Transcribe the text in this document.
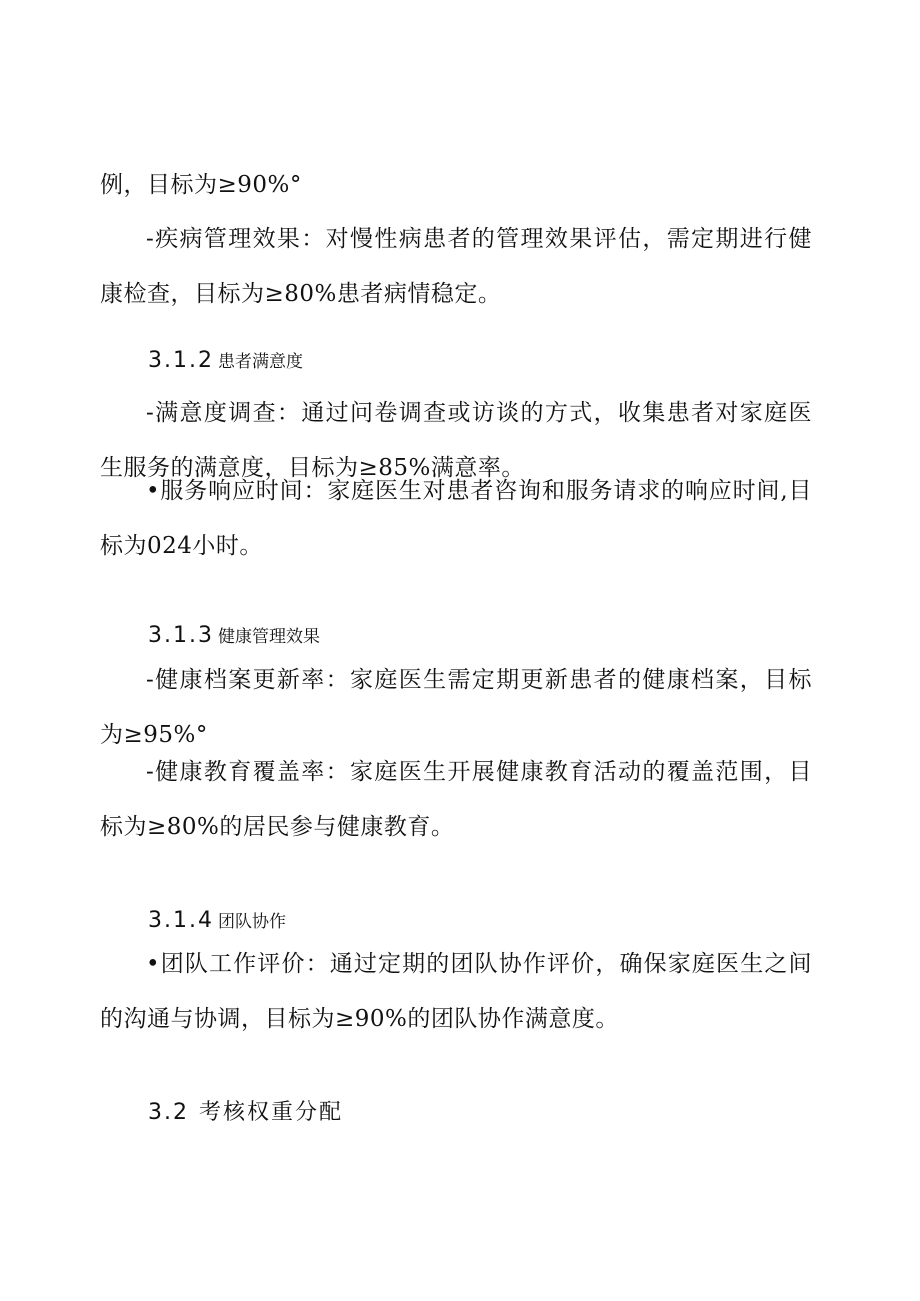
例，目标为≥90%°

-疾病管理效果：对慢性病患者的管理效果评估，需定期进行健康检查，目标为≥80%患者病情稳定。

3.1.2 患者满意度

-满意度调查：通过问卷调查或访谈的方式，收集患者对家庭医生服务的满意度，目标为≥85%满意率。

•服务响应时间：家庭医生对患者咨询和服务请求的响应时间,目标为024小时。

3.1.3 健康管理效果

-健康档案更新率：家庭医生需定期更新患者的健康档案，目标为≥95%°

-健康教育覆盖率：家庭医生开展健康教育活动的覆盖范围，目标为≥80%的居民参与健康教育。

3.1.4 团队协作

•团队工作评价：通过定期的团队协作评价，确保家庭医生之间的沟通与协调，目标为≥90%的团队协作满意度。

3.2 考核权重分配
